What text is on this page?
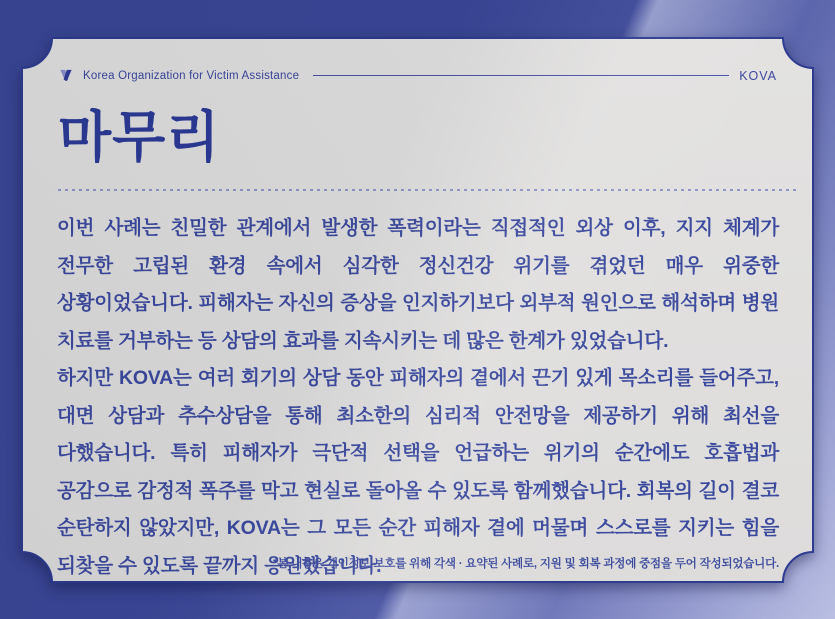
Korea Organization for Victim Assistance	KOVA
마무리

이번 사례는 친밀한 관계에서 발생한 폭력이라는 직접적인 외상 이후, 지지 체계가 전무한 고립된 환경 속에서 심각한 정신건강 위기를 겪었던 매우 위중한 상황이었습니다. 피해자는 자신의 증상을 인지하기보다 외부적 원인으로 해석하며 병원 치료를 거부하는 등 상담의 효과를 지속시키는 데 많은 한계가 있었습니다.

하지만 KOVA는 여러 회기의 상담 동안 피해자의 곁에서 끈기 있게 목소리를 들어주고, 대면 상담과 추수상담을 통해 최소한의 심리적 안전망을 제공하기 위해 최선을 다했습니다. 특히 피해자가 극단적 선택을 언급하는 위기의 순간에도 호흡법과 공감으로 감정적 폭주를 막고 현실로 돌아올 수 있도록 함께했습니다. 회복의 길이 결코 순탄하지 않았지만, KOVA는 그 모든 순간 피해자 곁에 머물며 스스로를 지키는 힘을 되찾을 수 있도록 끝까지 응원했습니다.

*본 내용은 개인정보 보호를 위해 각색 · 요약된 사례로, 지원 및 회복 과정에 중점을 두어 작성되었습니다.
